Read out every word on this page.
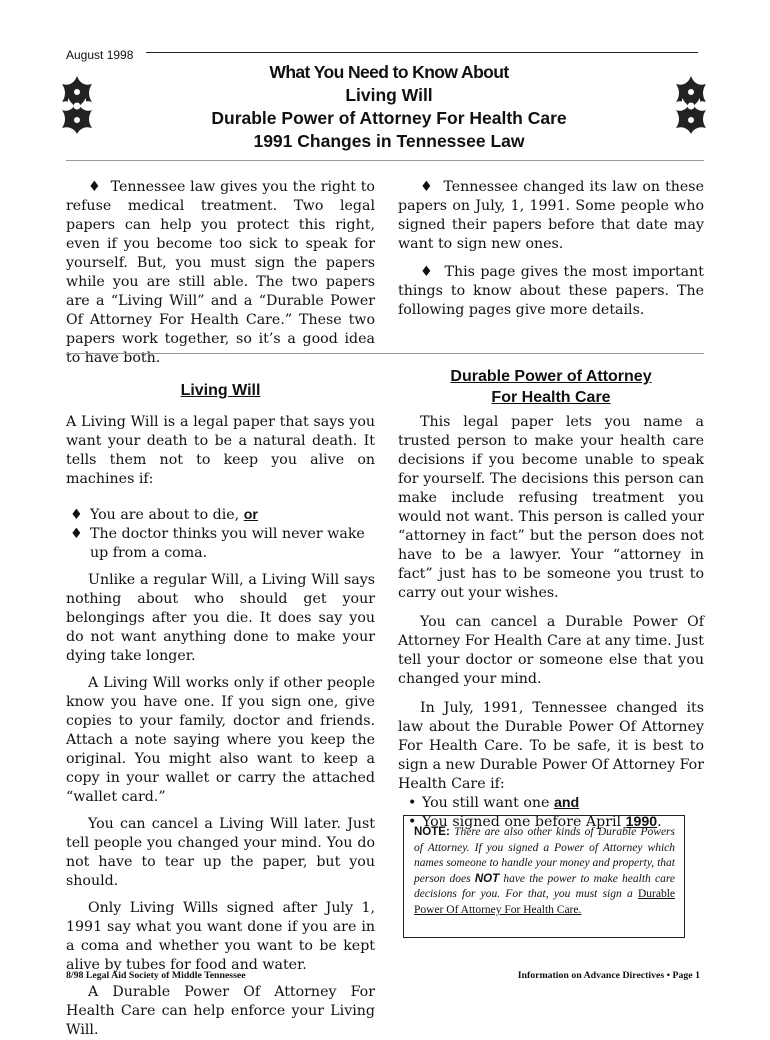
August 1998
What You Need to Know About
Living Will
Durable Power of Attorney For Health Care
1991 Changes in Tennessee Law

♦ Tennessee law gives you the right to refuse medical treatment. Two legal papers can help you protect this right, even if you become too sick to speak for yourself. But, you must sign the papers while you are still able. The two papers are a “Living Will” and a “Durable Power Of Attorney For Health Care.” These two papers work together, so it’s a good idea to have both.

♦ Tennessee changed its law on these papers on July, 1, 1991. Some people who signed their papers before that date may want to sign new ones.

♦ This page gives the most important things to know about these papers. The following pages give more details.

Living Will

A Living Will is a legal paper that says you want your death to be a natural death. It tells them not to keep you alive on machines if:

♦ You are about to die, or
♦ The doctor thinks you will never wake up from a coma.

Unlike a regular Will, a Living Will says nothing about who should get your belongings after you die. It does say you do not want anything done to make your dying take longer.

A Living Will works only if other people know you have one. If you sign one, give copies to your family, doctor and friends. Attach a note saying where you keep the original. You might also want to keep a copy in your wallet or carry the attached “wallet card.”

You can cancel a Living Will later. Just tell people you changed your mind. You do not have to tear up the paper, but you should.

Only Living Wills signed after July 1, 1991 say what you want done if you are in a coma and whether you want to be kept alive by tubes for food and water.

A Durable Power Of Attorney For Health Care can help enforce your Living Will.

Durable Power of Attorney
For Health Care

This legal paper lets you name a trusted person to make your health care decisions if you become unable to speak for yourself. The decisions this person can make include refusing treatment you would not want. This person is called your “attorney in fact” but the person does not have to be a lawyer. Your “attorney in fact” just has to be someone you trust to carry out your wishes.

You can cancel a Durable Power Of Attorney For Health Care at any time. Just tell your doctor or someone else that you changed your mind.

In July, 1991, Tennessee changed its law about the Durable Power Of Attorney For Health Care. To be safe, it is best to sign a new Durable Power Of Attorney For Health Care if:

• You still want one and
• You signed one before April 1990.
NOTE: There are also other kinds of Durable Powers of Attorney. If you signed a Power of Attorney which names someone to handle your money and property, that person does NOT have the power to make health care decisions for you. For that, you must sign a Durable Power Of Attorney For Health Care.
8/98 Legal Aid Society of Middle Tennessee	Information on Advance Directives • Page 1
